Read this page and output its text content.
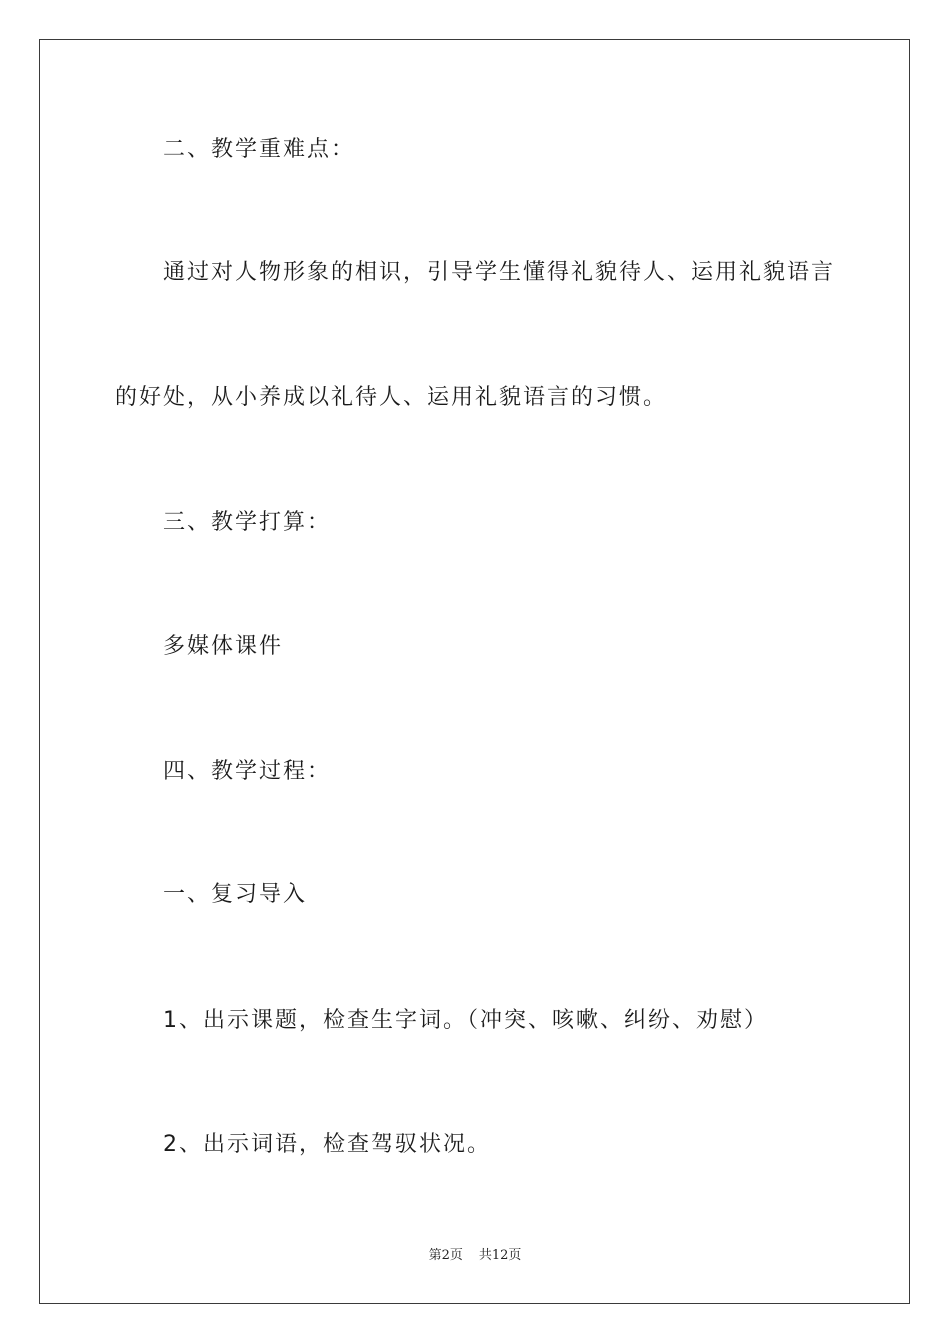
二、教学重难点：
通过对人物形象的相识，引导学生懂得礼貌待人、运用礼貌语言
的好处，从小养成以礼待人、运用礼貌语言的习惯。
三、教学打算：
多媒体课件
四、教学过程：
一、复习导入
1、出示课题，检查生字词。（冲突、咳嗽、纠纷、劝慰）
2、出示词语，检查驾驭状况。
第2页 共12页
